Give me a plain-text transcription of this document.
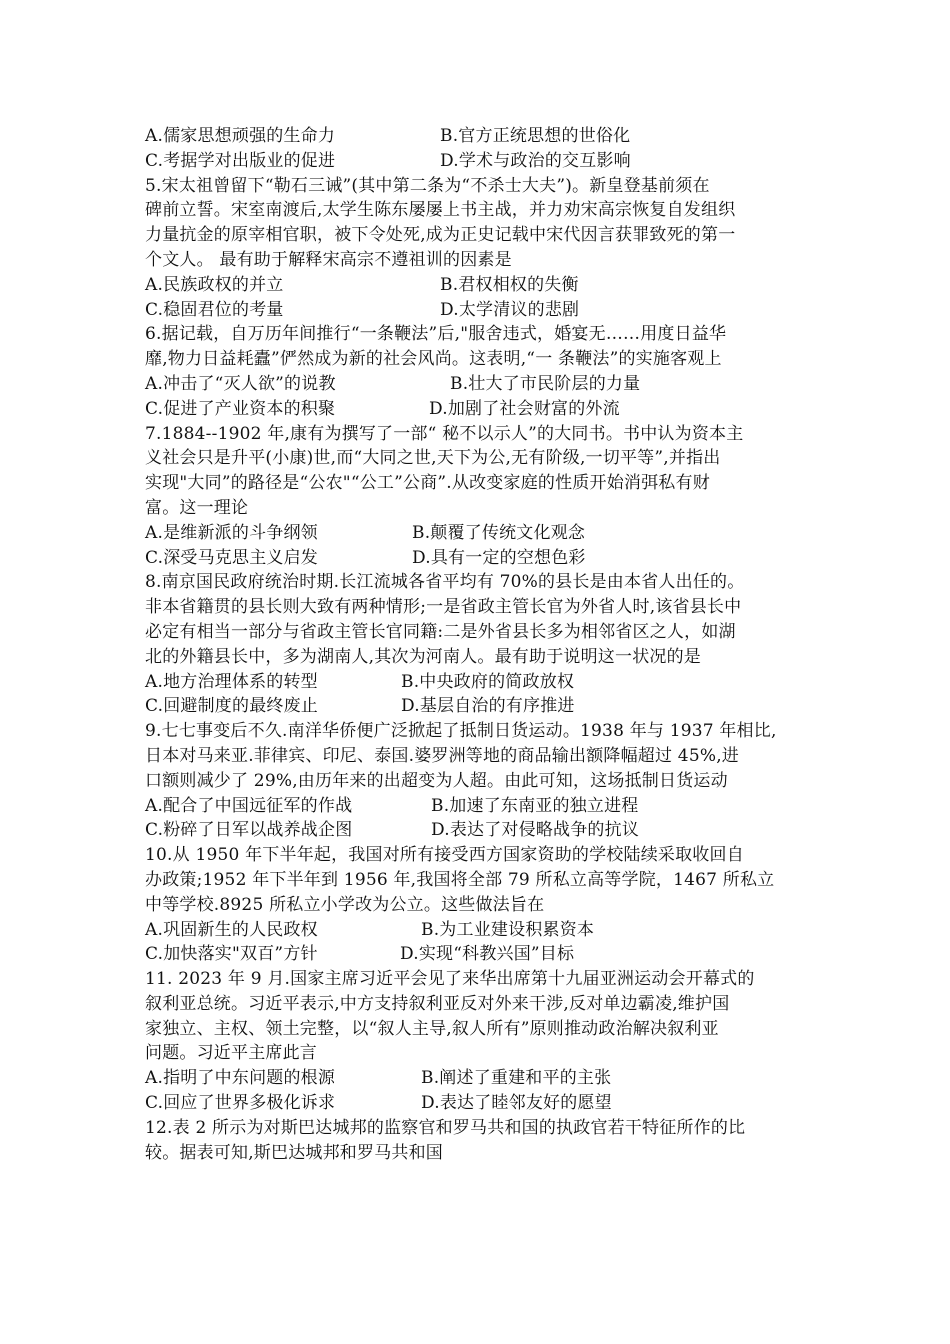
A.儒家思想顽强的生命力	B.官方正统思想的世俗化
C.考据学对出版业的促进	D.学术与政治的交互影响
5.宋太祖曾留下“勒石三诫”(其中第二条为“不杀士大夫”)。新皇登基前须在
碑前立誓。宋室南渡后,太学生陈东屡屡上书主战，并力劝宋高宗恢复自发组织
力量抗金的原宰相官职，被下令处死,成为正史记载中宋代因言获罪致死的第一
个文人。 最有助于解释宋高宗不遵祖训的因素是
A.民族政权的并立	B.君权相权的失衡
C.稳固君位的考量	D.太学清议的悲剧
6.据记载，自万历年间推行“一条鞭法”后,"服舍违式，婚宴无……用度日益华
靡,物力日益耗蠹”俨然成为新的社会风尚。这表明,“一 条鞭法”的实施客观上
A.冲击了“灭人欲”的说教	B.壮大了市民阶层的力量
C.促进了产业资本的积聚	D.加剧了社会财富的外流
7.1884--1902 年,康有为撰写了一部“ 秘不以示人”的大同书。书中认为资本主
义社会只是升平(小康)世,而“大同之世,天下为公,无有阶级,一切平等”,并指出
实现"大同”的路径是“公农"“公工”公商”.从改变家庭的性质开始消弭私有财
富。这一理论
A.是维新派的斗争纲领	B.颠覆了传统文化观念
C.深受马克思主义启发	D.具有一定的空想色彩
8.南京国民政府统治时期.长江流城各省平均有 70%的县长是由本省人出任的。
非本省籍贯的县长则大致有两种情形;一是省政主管长官为外省人时,该省县长中
必定有相当一部分与省政主管长官同籍:二是外省县长多为相邻省区之人，如湖
北的外籍县长中，多为湖南人,其次为河南人。最有助于说明这一状况的是
A.地方治理体系的转型	B.中央政府的简政放权
C.回避制度的最终废止	D.基层自治的有序推进
9.七七事变后不久.南洋华侨便广泛掀起了抵制日货运动。1938 年与 1937 年相比,
日本对马来亚.菲律宾、印尼、泰国.婆罗洲等地的商品输出额降幅超过 45%,进
口额则减少了 29%,由历年来的出超变为人超。由此可知，这场抵制日货运动
A.配合了中国远征军的作战	B.加速了东南亚的独立进程
C.粉碎了日军以战养战企图	D.表达了对侵略战争的抗议
10.从 1950 年下半年起，我国对所有接受西方国家资助的学校陆续采取收回自
办政策;1952 年下半年到 1956 年,我国将全部 79 所私立高等学院，1467 所私立
中等学校.8925 所私立小学改为公立。这些做法旨在
A.巩固新生的人民政权	B.为工业建设积累资本
C.加快落实"双百”方针	D.实现“科教兴国”目标
11. 2023 年 9 月.国家主席习近平会见了来华出席第十九届亚洲运动会开幕式的
叙利亚总统。习近平表示,中方支持叙利亚反对外来干涉,反对单边霸凌,维护国
家独立、主权、领土完整，以“叙人主导,叙人所有”原则推动政治解决叙利亚
问题。习近平主席此言
A.指明了中东问题的根源	B.阐述了重建和平的主张
C.回应了世界多极化诉求	D.表达了睦邻友好的愿望
12.表 2 所示为对斯巴达城邦的监察官和罗马共和国的执政官若干特征所作的比
较。据表可知,斯巴达城邦和罗马共和国
